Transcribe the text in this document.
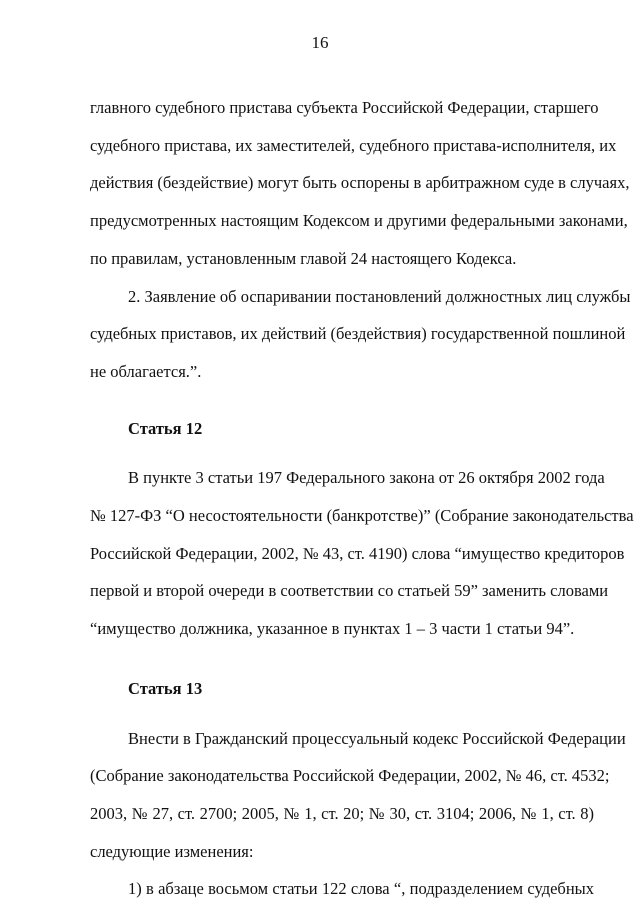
16

главного судебного пристава субъекта Российской Федерации, старшего
судебного пристава, их заместителей, судебного пристава-исполнителя, их
действия (бездействие) могут быть оспорены в арбитражном суде в случаях,
предусмотренных настоящим Кодексом и другими федеральными законами,
по правилам, установленным главой 24 настоящего Кодекса.

2. Заявление об оспаривании постановлений должностных лиц службы
судебных приставов, их действий (бездействия) государственной пошлиной
не облагается.”.

Статья 12

В пункте 3 статьи 197 Федерального закона от 26 октября 2002 года
№ 127-ФЗ “О несостоятельности (банкротстве)” (Собрание законодательства
Российской Федерации, 2002, № 43, ст. 4190) слова “имущество кредиторов
первой и второй очереди в соответствии со статьей 59” заменить словами
“имущество должника, указанное в пунктах 1 – 3 части 1 статьи 94”.

Статья 13

Внести в Гражданский процессуальный кодекс Российской Федерации
(Собрание законодательства Российской Федерации, 2002, № 46, ст. 4532;
2003, № 27, ст. 2700; 2005, № 1, ст. 20; № 30, ст. 3104; 2006, № 1, ст. 8)
следующие изменения:

1) в абзаце восьмом статьи 122 слова “, подразделением судебных
